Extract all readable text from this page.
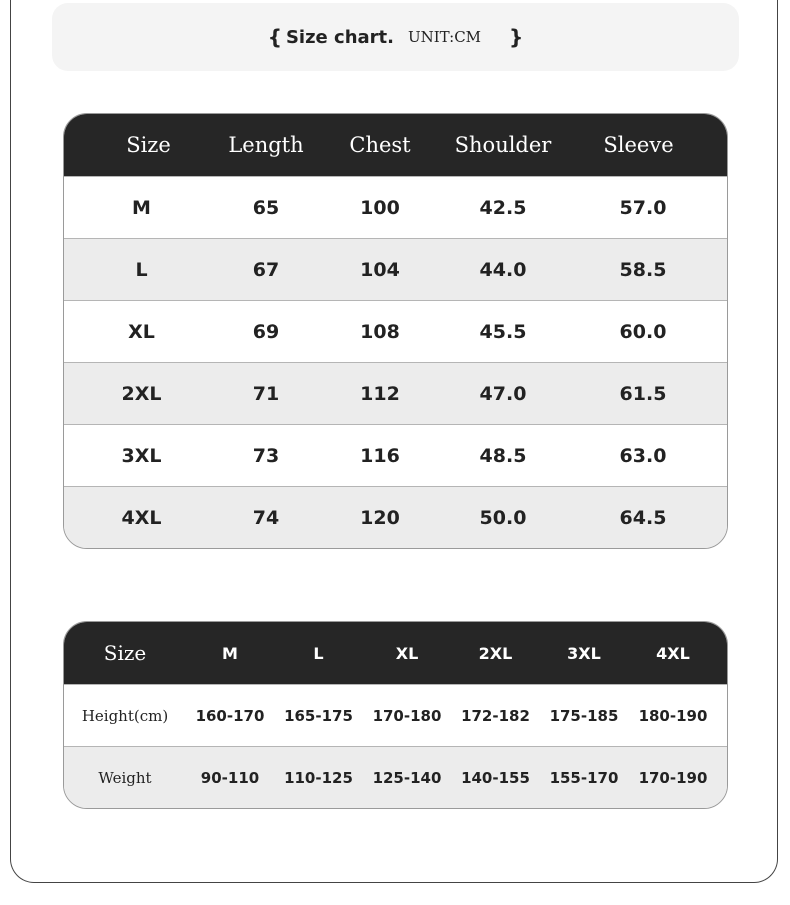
{ Size chart. UNIT:CM }
Size	Length	Chest	Shoulder	Sleeve
M	65	100	42.5	57.0
L	67	104	44.0	58.5
XL	69	108	45.5	60.0
2XL	71	112	47.0	61.5
3XL	73	116	48.5	63.0
4XL	74	120	50.0	64.5
Size	M	L	XL	2XL	3XL	4XL
Height(cm)	160-170	165-175	170-180	172-182	175-185	180-190
Weight	90-110	110-125	125-140	140-155	155-170	170-190
